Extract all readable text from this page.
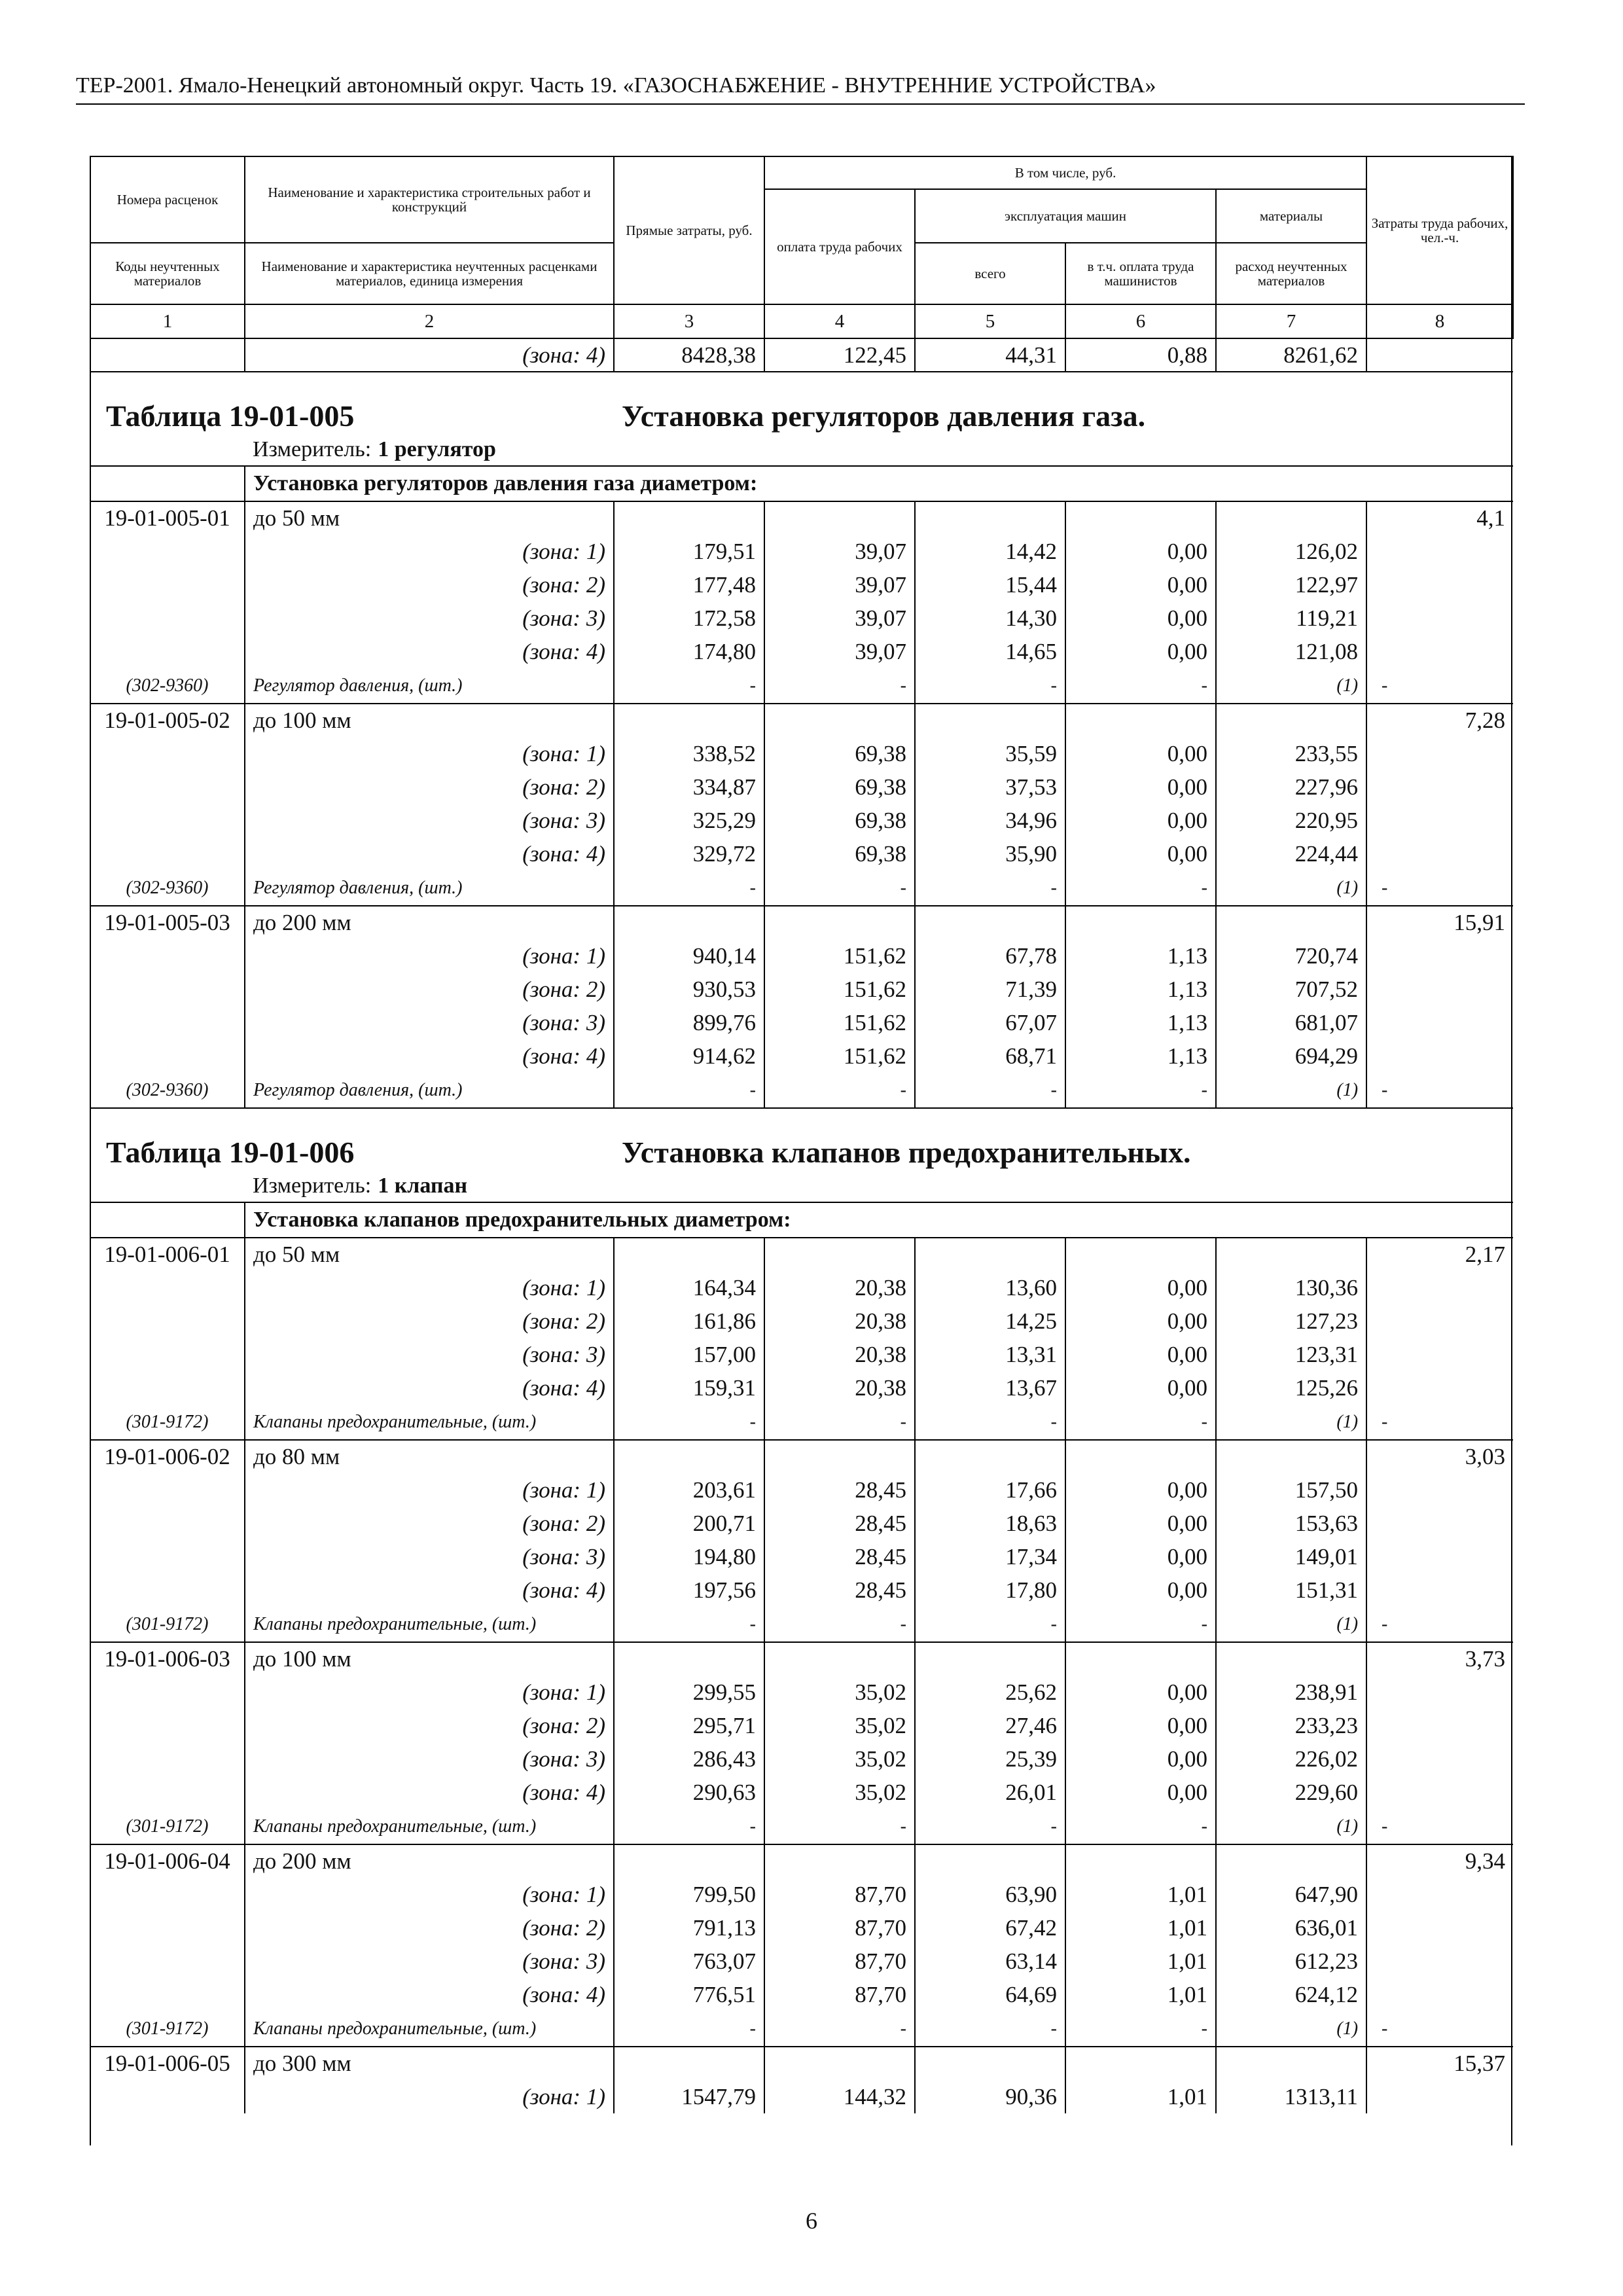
ТЕР-2001. Ямало-Ненецкий автономный округ. Часть 19. «ГАЗОСНАБЖЕНИЕ - ВНУТРЕННИЕ УСТРОЙСТВА»
Номера расценок	Наименование и характеристика строительных работ и конструкций	Прямые затраты, руб.	В том числе, руб.				Затраты труда рабочих, чел.-ч.
			оплата труда рабочих	эксплуатация машин		материалы	
Коды неучтенных материалов	Наименование и характеристика неучтенных расценками материалов, единица измерения			всего	в т.ч. оплата труда машинистов	расход неучтенных материалов	
1	2	3	4	5	6	7	8
	(зона: 4)	8428,38	122,45	44,31	0,88	8261,62	
Таблица 19-01-005		Установка регуляторов давления газа.					
	Измеритель: 1 регулятор						
	Установка регуляторов давления газа диаметром:						
19-01-005-01	до 50 мм						4,1
	(зона: 1)	179,51	39,07	14,42	0,00	126,02	
	(зона: 2)	177,48	39,07	15,44	0,00	122,97	
	(зона: 3)	172,58	39,07	14,30	0,00	119,21	
	(зона: 4)	174,80	39,07	14,65	0,00	121,08	
(302-9360)	Регулятор давления, (шт.)	-	-	-	-	(1)	-
19-01-005-02	до 100 мм						7,28
	(зона: 1)	338,52	69,38	35,59	0,00	233,55	
	(зона: 2)	334,87	69,38	37,53	0,00	227,96	
	(зона: 3)	325,29	69,38	34,96	0,00	220,95	
	(зона: 4)	329,72	69,38	35,90	0,00	224,44	
(302-9360)	Регулятор давления, (шт.)	-	-	-	-	(1)	-
19-01-005-03	до 200 мм						15,91
	(зона: 1)	940,14	151,62	67,78	1,13	720,74	
	(зона: 2)	930,53	151,62	71,39	1,13	707,52	
	(зона: 3)	899,76	151,62	67,07	1,13	681,07	
	(зона: 4)	914,62	151,62	68,71	1,13	694,29	
(302-9360)	Регулятор давления, (шт.)	-	-	-	-	(1)	-
Таблица 19-01-006		Установка клапанов предохранительных.					
	Измеритель: 1 клапан						
	Установка клапанов предохранительных диаметром:						
19-01-006-01	до 50 мм						2,17
	(зона: 1)	164,34	20,38	13,60	0,00	130,36	
	(зона: 2)	161,86	20,38	14,25	0,00	127,23	
	(зона: 3)	157,00	20,38	13,31	0,00	123,31	
	(зона: 4)	159,31	20,38	13,67	0,00	125,26	
(301-9172)	Клапаны предохранительные, (шт.)	-	-	-	-	(1)	-
19-01-006-02	до 80 мм						3,03
	(зона: 1)	203,61	28,45	17,66	0,00	157,50	
	(зона: 2)	200,71	28,45	18,63	0,00	153,63	
	(зона: 3)	194,80	28,45	17,34	0,00	149,01	
	(зона: 4)	197,56	28,45	17,80	0,00	151,31	
(301-9172)	Клапаны предохранительные, (шт.)	-	-	-	-	(1)	-
19-01-006-03	до 100 мм						3,73
	(зона: 1)	299,55	35,02	25,62	0,00	238,91	
	(зона: 2)	295,71	35,02	27,46	0,00	233,23	
	(зона: 3)	286,43	35,02	25,39	0,00	226,02	
	(зона: 4)	290,63	35,02	26,01	0,00	229,60	
(301-9172)	Клапаны предохранительные, (шт.)	-	-	-	-	(1)	-
19-01-006-04	до 200 мм						9,34
	(зона: 1)	799,50	87,70	63,90	1,01	647,90	
	(зона: 2)	791,13	87,70	67,42	1,01	636,01	
	(зона: 3)	763,07	87,70	63,14	1,01	612,23	
	(зона: 4)	776,51	87,70	64,69	1,01	624,12	
(301-9172)	Клапаны предохранительные, (шт.)	-	-	-	-	(1)	-
19-01-006-05	до 300 мм						15,37
	(зона: 1)	1547,79	144,32	90,36	1,01	1313,11	
6
